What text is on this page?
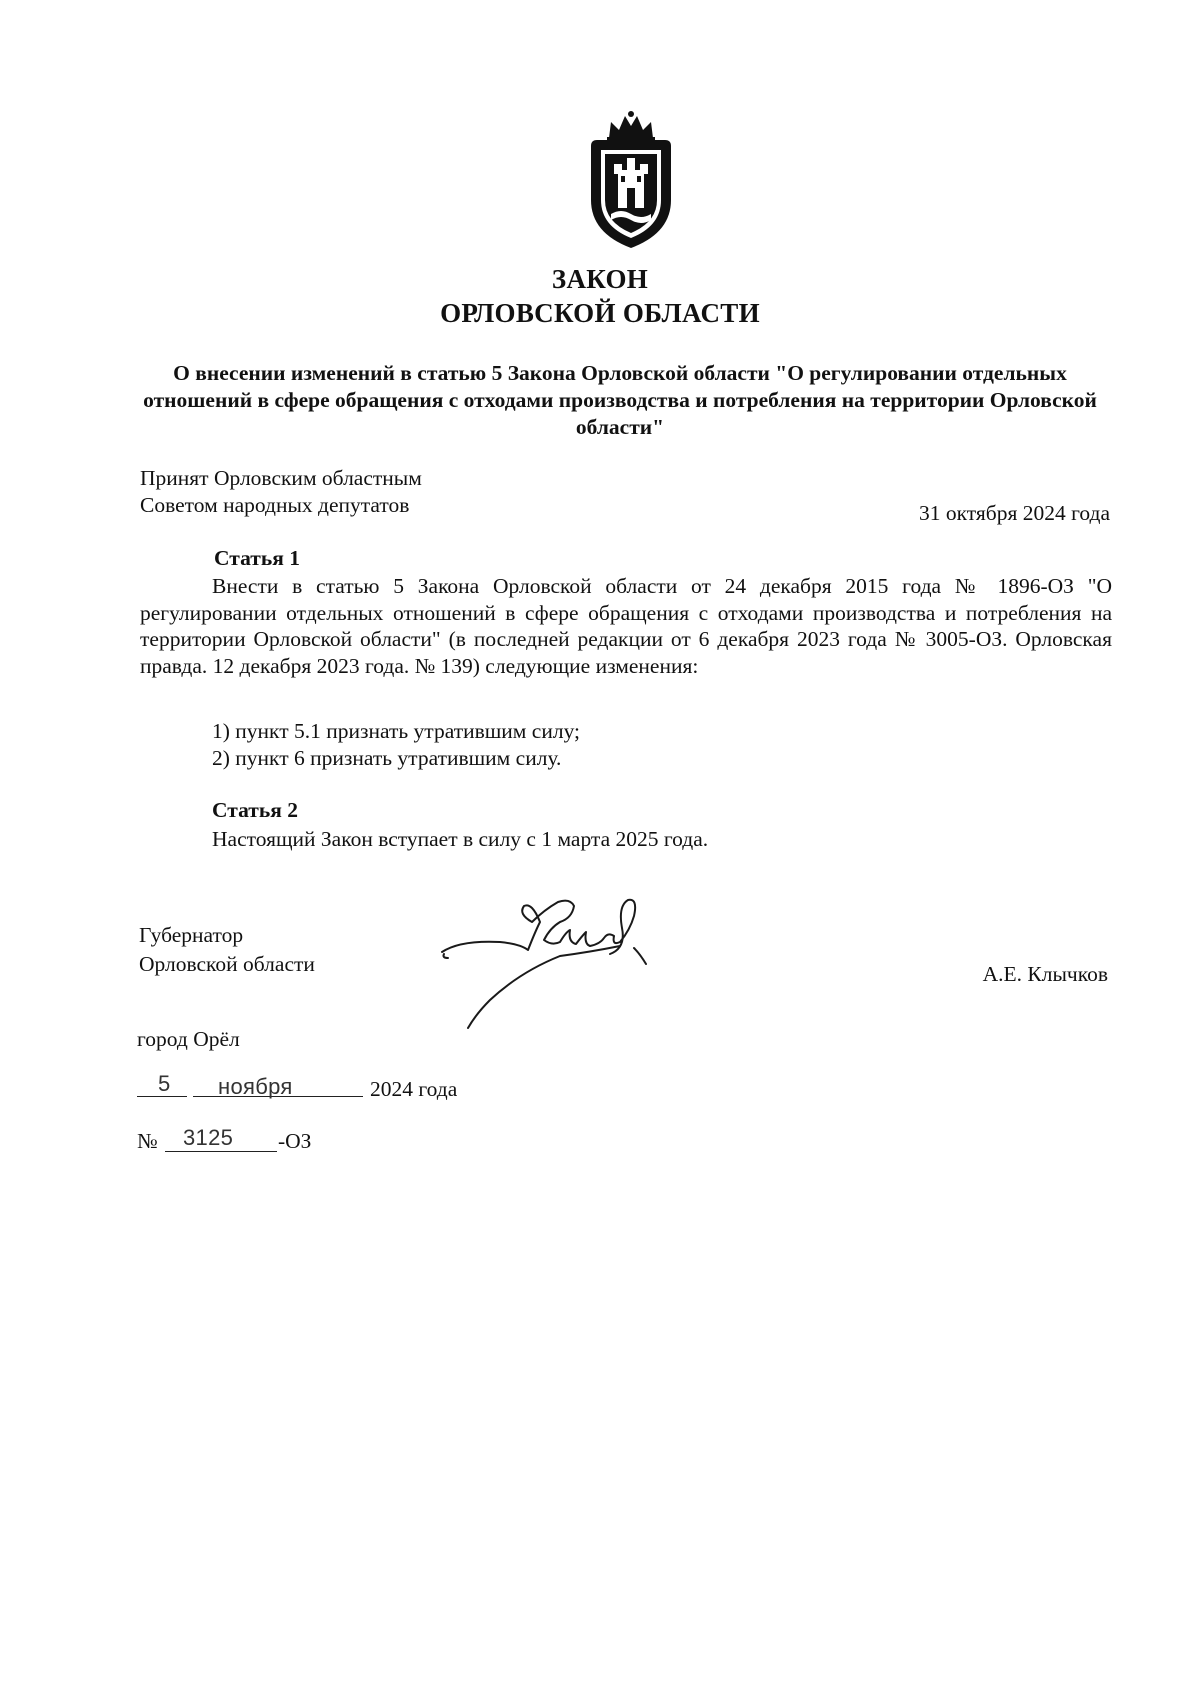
ЗАКОН
ОРЛОВСКОЙ ОБЛАСТИ
О внесении изменений в статью 5 Закона Орловской области "О регулировании отдельных отношений в сфере обращения с отходами производства и потребления на территории Орловской области"
Принят Орловским областным
Советом народных депутатов	31 октября 2024 года
Статья 1

Внести в статью 5 Закона Орловской области от 24 декабря 2015 года № 1896-ОЗ "О регулировании отдельных отношений в сфере обращения с отходами производства и потребления на территории Орловской области" (в последней редакции от 6 декабря 2023 года № 3005-ОЗ. Орловская правда. 12 декабря 2023 года. № 139) следующие изменения:

1) пункт 5.1 признать утратившим силу;
2) пункт 6 признать утратившим силу.
Статья 2
Настоящий Закон вступает в силу с 1 марта 2025 года.
Губернатор
Орловской области	А.Е. Клычков
город Орёл
5 ноября	2024 года
№ 3125 -ОЗ
